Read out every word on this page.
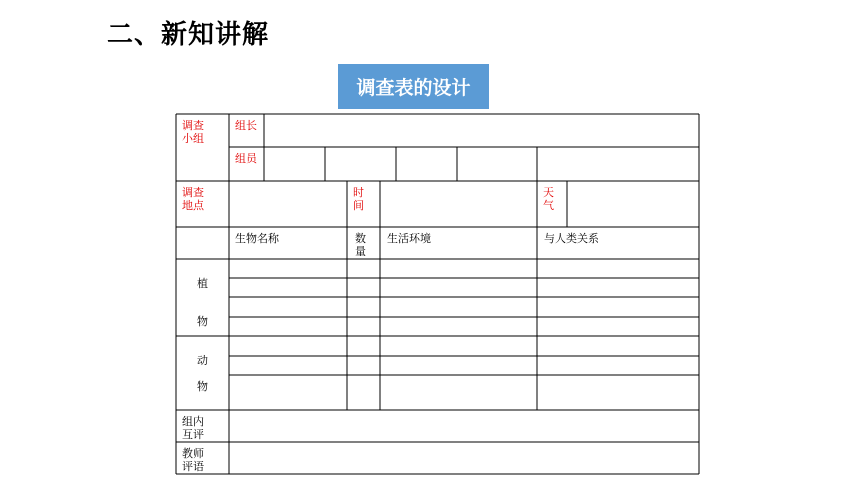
二、新知讲解
调查表的设计
调查
小组
组长
组员
调查
地点
时
间
天
气
生物名称	数
量
生活环境	与人类关系
植
物
动
物
组内
互评
教师
评语
